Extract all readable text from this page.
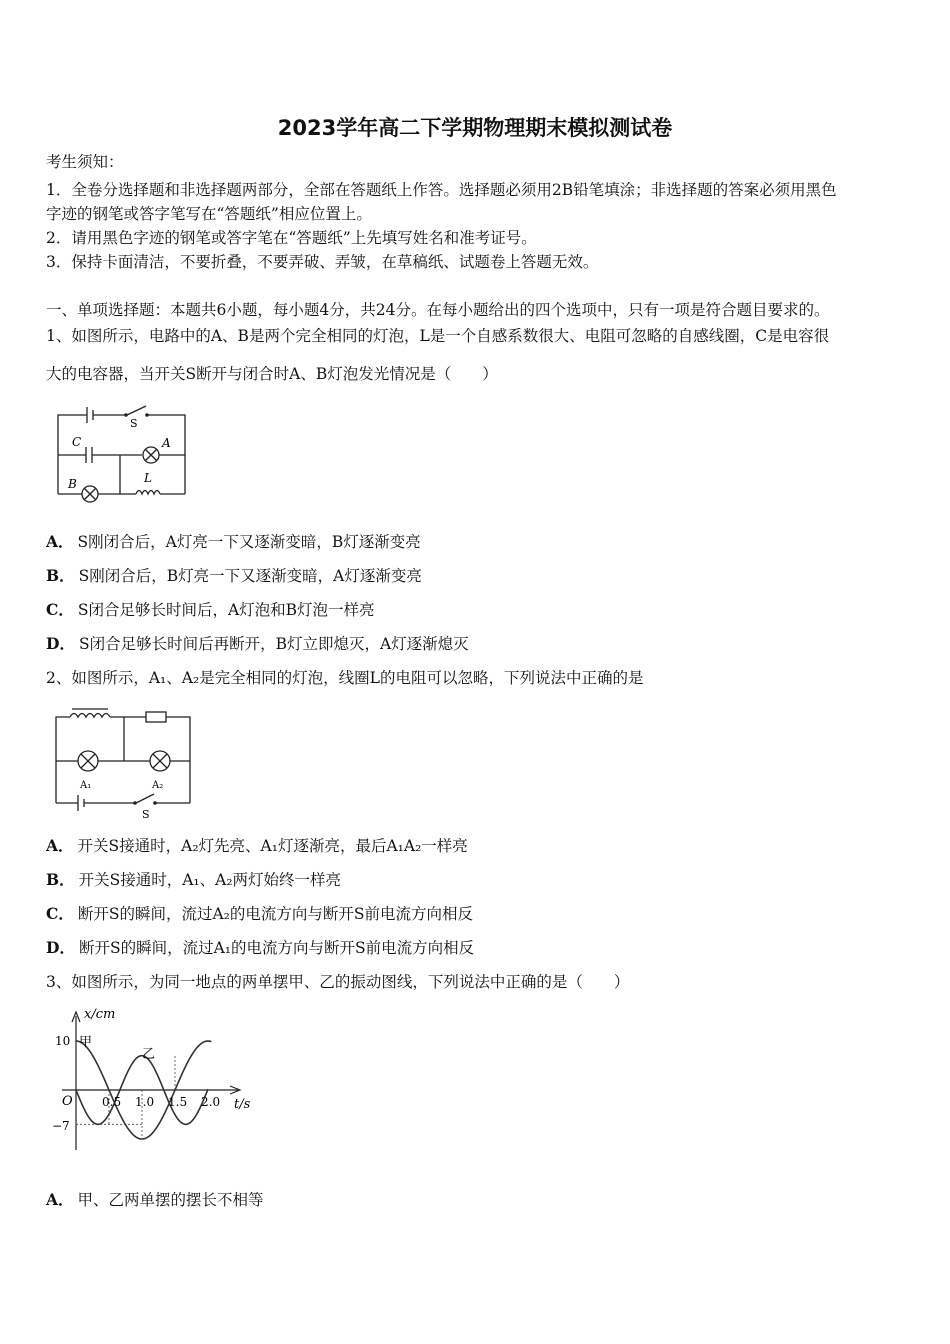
2023学年高二下学期物理期末模拟测试卷
考生须知：
1．全卷分选择题和非选择题两部分，全部在答题纸上作答。选择题必须用2B铅笔填涂；非选择题的答案必须用黑色
字迹的钢笔或答字笔写在“答题纸”相应位置上。
2．请用黑色字迹的钢笔或答字笔在“答题纸”上先填写姓名和准考证号。
3．保持卡面清洁，不要折叠，不要弄破、弄皱，在草稿纸、试题卷上答题无效。
一、单项选择题：本题共6小题，每小题4分，共24分。在每小题给出的四个选项中，只有一项是符合题目要求的。
1、如图所示，电路中的A、B是两个完全相同的灯泡，L是一个自感系数很大、电阻可忽略的自感线圈，C是电容很
大的电容器，当开关S断开与闭合时A、B灯泡发光情况是（　　）
S
C	A
L
B
A． S刚闭合后，A灯亮一下又逐渐变暗，B灯逐渐变亮
B． S刚闭合后，B灯亮一下又逐渐变暗，A灯逐渐变亮
C． S闭合足够长时间后，A灯泡和B灯泡一样亮
D． S闭合足够长时间后再断开，B灯立即熄灭，A灯逐渐熄灭
2、如图所示，A₁、A₂是完全相同的灯泡，线圈L的电阻可以忽略，下列说法中正确的是
A₁	A₂
S
A． 开关S接通时，A₂灯先亮、A₁灯逐渐亮，最后A₁A₂一样亮
B． 开关S接通时，A₁、A₂两灯始终一样亮
C． 断开S的瞬间，流过A₂的电流方向与断开S前电流方向相反
D． 断开S的瞬间，流过A₁的电流方向与断开S前电流方向相反
3、如图所示，为同一地点的两单摆甲、乙的振动图线，下列说法中正确的是（　　）
x/cm
t/s
O
10
−7
甲
乙
0.5 1.0 1.5 2.0
A． 甲、乙两单摆的摆长不相等
